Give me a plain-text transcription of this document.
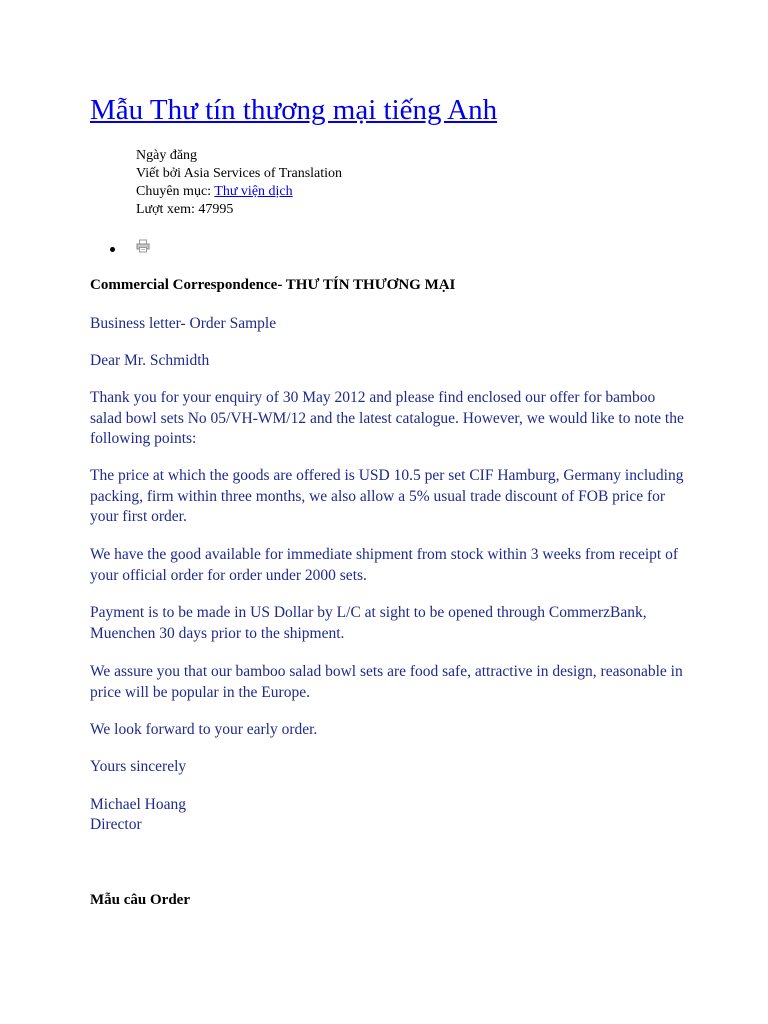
Mẫu Thư tín thương mại tiếng Anh
Ngày đăng
Viết bởi Asia Services of Translation
Chuyên mục: Thư viện dịch
Lượt xem: 47995
Commercial Correspondence- THƯ TÍN THƯƠNG MẠI
Business letter- Order Sample
Dear Mr. Schmidth
Thank you for your enquiry of 30 May 2012 and please find enclosed our offer for bamboo salad bowl sets No 05/VH-WM/12 and the latest catalogue. However, we would like to note the following points:
The price at which the goods are offered is USD 10.5 per set CIF Hamburg, Germany including packing, firm within three months, we also allow a 5% usual trade discount of FOB price for your first order.
We have the good available for immediate shipment from stock within 3 weeks from receipt of your official order for order under 2000 sets.
Payment is to be made in US Dollar by L/C at sight to be opened through CommerzBank, Muenchen 30 days prior to the shipment.
We assure you that our bamboo salad bowl sets are food safe, attractive in design, reasonable in price will be popular in the Europe.
We look forward to your early order.
Yours sincerely
Michael Hoang
Director
Mẫu câu Order
